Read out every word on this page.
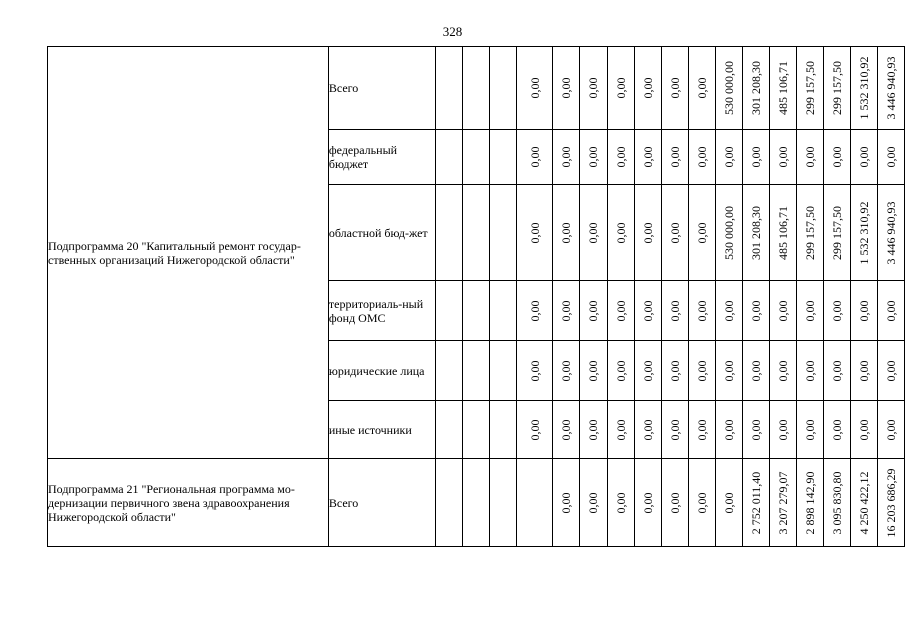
328
Подпрограмма 20 "Капитальный ремонт государ-ственных организаций Нижегородской области"	Всего				0,00	0,00	0,00	0,00	0,00	0,00	0,00	530 000,00	301 208,30	485 106,71	299 157,50	299 157,50	1 532 310,92	3 446 940,93

	федеральный бюджет				0,00	0,00	0,00	0,00	0,00	0,00	0,00	0,00	0,00	0,00	0,00	0,00	0,00	0,00

	областной бюд-жет				0,00	0,00	0,00	0,00	0,00	0,00	0,00	530 000,00	301 208,30	485 106,71	299 157,50	299 157,50	1 532 310,92	3 446 940,93

	территориаль-ный фонд ОМС				0,00	0,00	0,00	0,00	0,00	0,00	0,00	0,00	0,00	0,00	0,00	0,00	0,00	0,00

	юридические лица				0,00	0,00	0,00	0,00	0,00	0,00	0,00	0,00	0,00	0,00	0,00	0,00	0,00	0,00

	иные источники				0,00	0,00	0,00	0,00	0,00	0,00	0,00	0,00	0,00	0,00	0,00	0,00	0,00	0,00

Подпрограмма 21 "Региональная программа мо-дернизации первичного звена здравоохранения Нижегородской области"	Всего					0,00	0,00	0,00	0,00	0,00	0,00	0,00	2 752 011,40	3 207 279,07	2 898 142,90	3 095 830,80	4 250 422,12	16 203 686,29
